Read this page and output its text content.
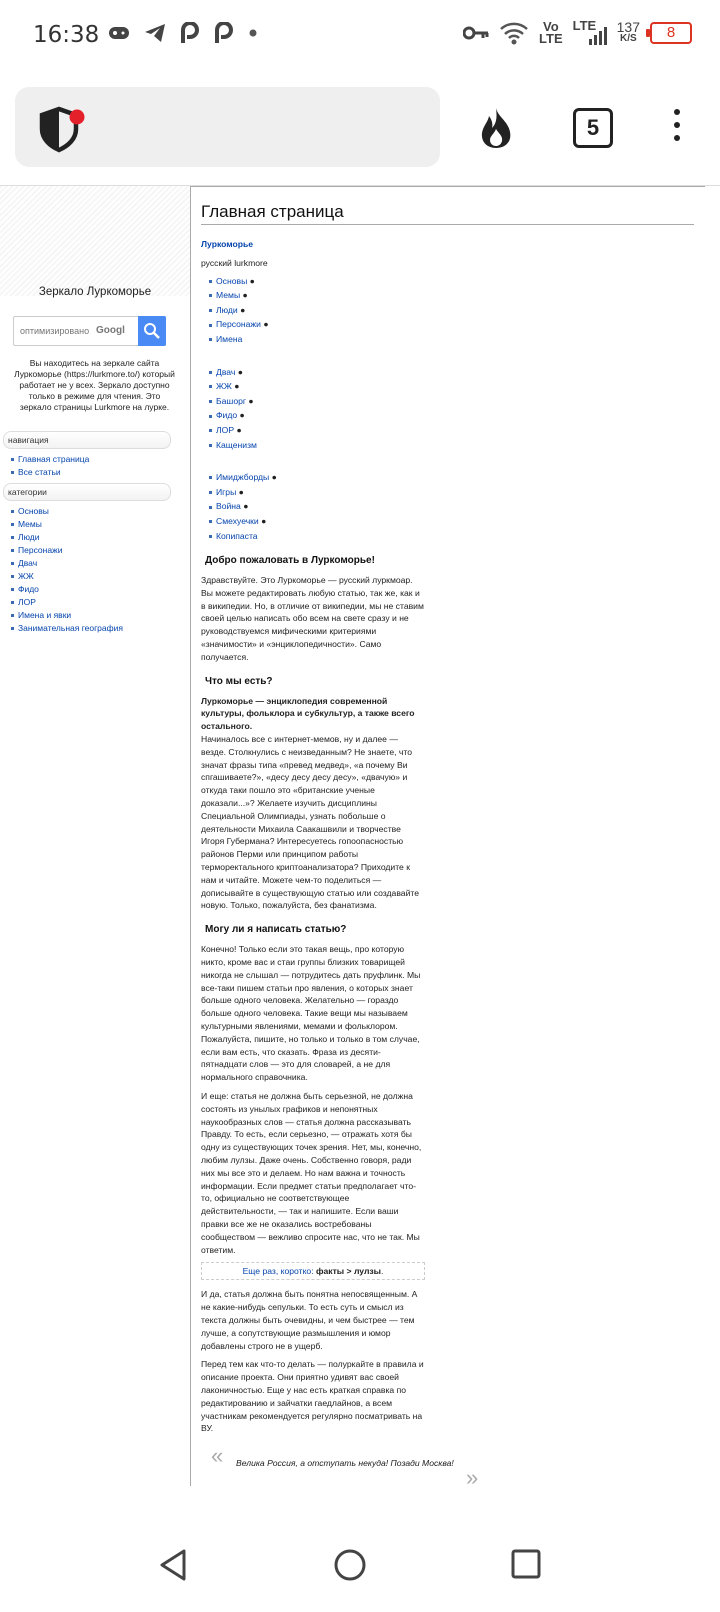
16:38	Vo
LTE
LTE 137
K/S	8
5
Зеркало Луркоморье
оптимизировано
Googl
Вы находитесь на зеркале сайта Луркоморье (https://lurkmore.to/) который работает не у всех. Зеркало доступно только в режиме для чтения. Это зеркало страницы Lurkmore на лурке.
навигация
Главная страница
Все статьи
категории
Основы
Мемы
Люди
Персонажи
Двач
ЖЖ
Фидо
ЛОР
Имена и явки
Занимательная география
Главная страница
Луркоморье
русский lurkmore
Основы ●
Мемы ●
Люди ●
Персонажи ●
Имена
Двач ●
ЖЖ ●
Башорг ●
Фидо ●
ЛОР ●
Кащенизм
Имиджборды ●
Игры ●
Война ●
Смехуечки ●
Копипаста
Добро пожаловать в Луркоморье!

Здравствуйте. Это Луркоморье — русский луркмоар. Вы можете редактировать любую статью, так же, как и в википедии. Но, в отличие от википедии, мы не ставим своей целью написать обо всем на свете сразу и не руководствуемся мифическими критериями «значимости» и «энциклопедичности». Само получается.

Что мы есть?

Луркоморье — энциклопедия современной культуры, фольклора и субкультур, а также всего остального.

Начиналось все с интернет-мемов, ну и далее — везде. Столкнулись с неизведанным? Не знаете, что значат фразы типа «превед медвед», «а почему Ви спгашиваете?», «десу десу десу десу», «двачую» и откуда таки пошло это «британские ученые доказали...»? Желаете изучить дисциплины Специальной Олимпиады, узнать побольше о деятельности Михаила Саакашвили и творчестве Игоря Губермана? Интересуетесь гопоопасностью районов Перми или принципом работы терморектального криптоанализатора? Приходите к нам и читайте. Можете чем-то поделиться — дописывайте в существующую статью или создавайте новую. Только, пожалуйста, без фанатизма.

Могу ли я написать статью?

Конечно! Только если это такая вещь, про которую никто, кроме вас и стаи группы близких товарищей никогда не слышал — потрудитесь дать пруфлинк. Мы все-таки пишем статьи про явления, о которых знает больше одного человека. Желательно — гораздо больше одного человека. Такие вещи мы называем культурными явлениями, мемами и фольклором. Пожалуйста, пишите, но только и только в том случае, если вам есть, что сказать. Фраза из десяти-пятнадцати слов — это для словарей, а не для нормального справочника.

И еще: статья не должна быть серьезной, не должна состоять из унылых графиков и непонятных наукообразных слов — статья должна рассказывать Правду. То есть, если серьезно, — отражать хотя бы одну из существующих точек зрения. Нет, мы, конечно, любим лулзы. Даже очень. Собственно говоря, ради них мы все это и делаем. Но нам важна и точность информации. Если предмет статьи предполагает что-то, официально не соответствующее действительности, — так и напишите. Если ваши правки все же не оказались востребованы сообществом — вежливо спросите нас, что не так. Мы ответим.

Еще раз, коротко: факты > лулзы.

И да, статья должна быть понятна непосвященным. А не какие-нибудь сепульки. То есть суть и смысл из текста должны быть очевидны, и чем быстрее — тем лучше, а сопутствующие размышления и юмор добавлены строго не в ущерб.

Перед тем как что-то делать — полуркайте в правила и описание проекта. Они приятно удивят вас своей лаконичностью. Еще у нас есть краткая справка по редактированию и зайчатки гаедлайнов, а всем участникам рекомендуется регулярно посматривать на ВУ.

« Велика Россия, а отступать некуда! Позади Москва!
»
